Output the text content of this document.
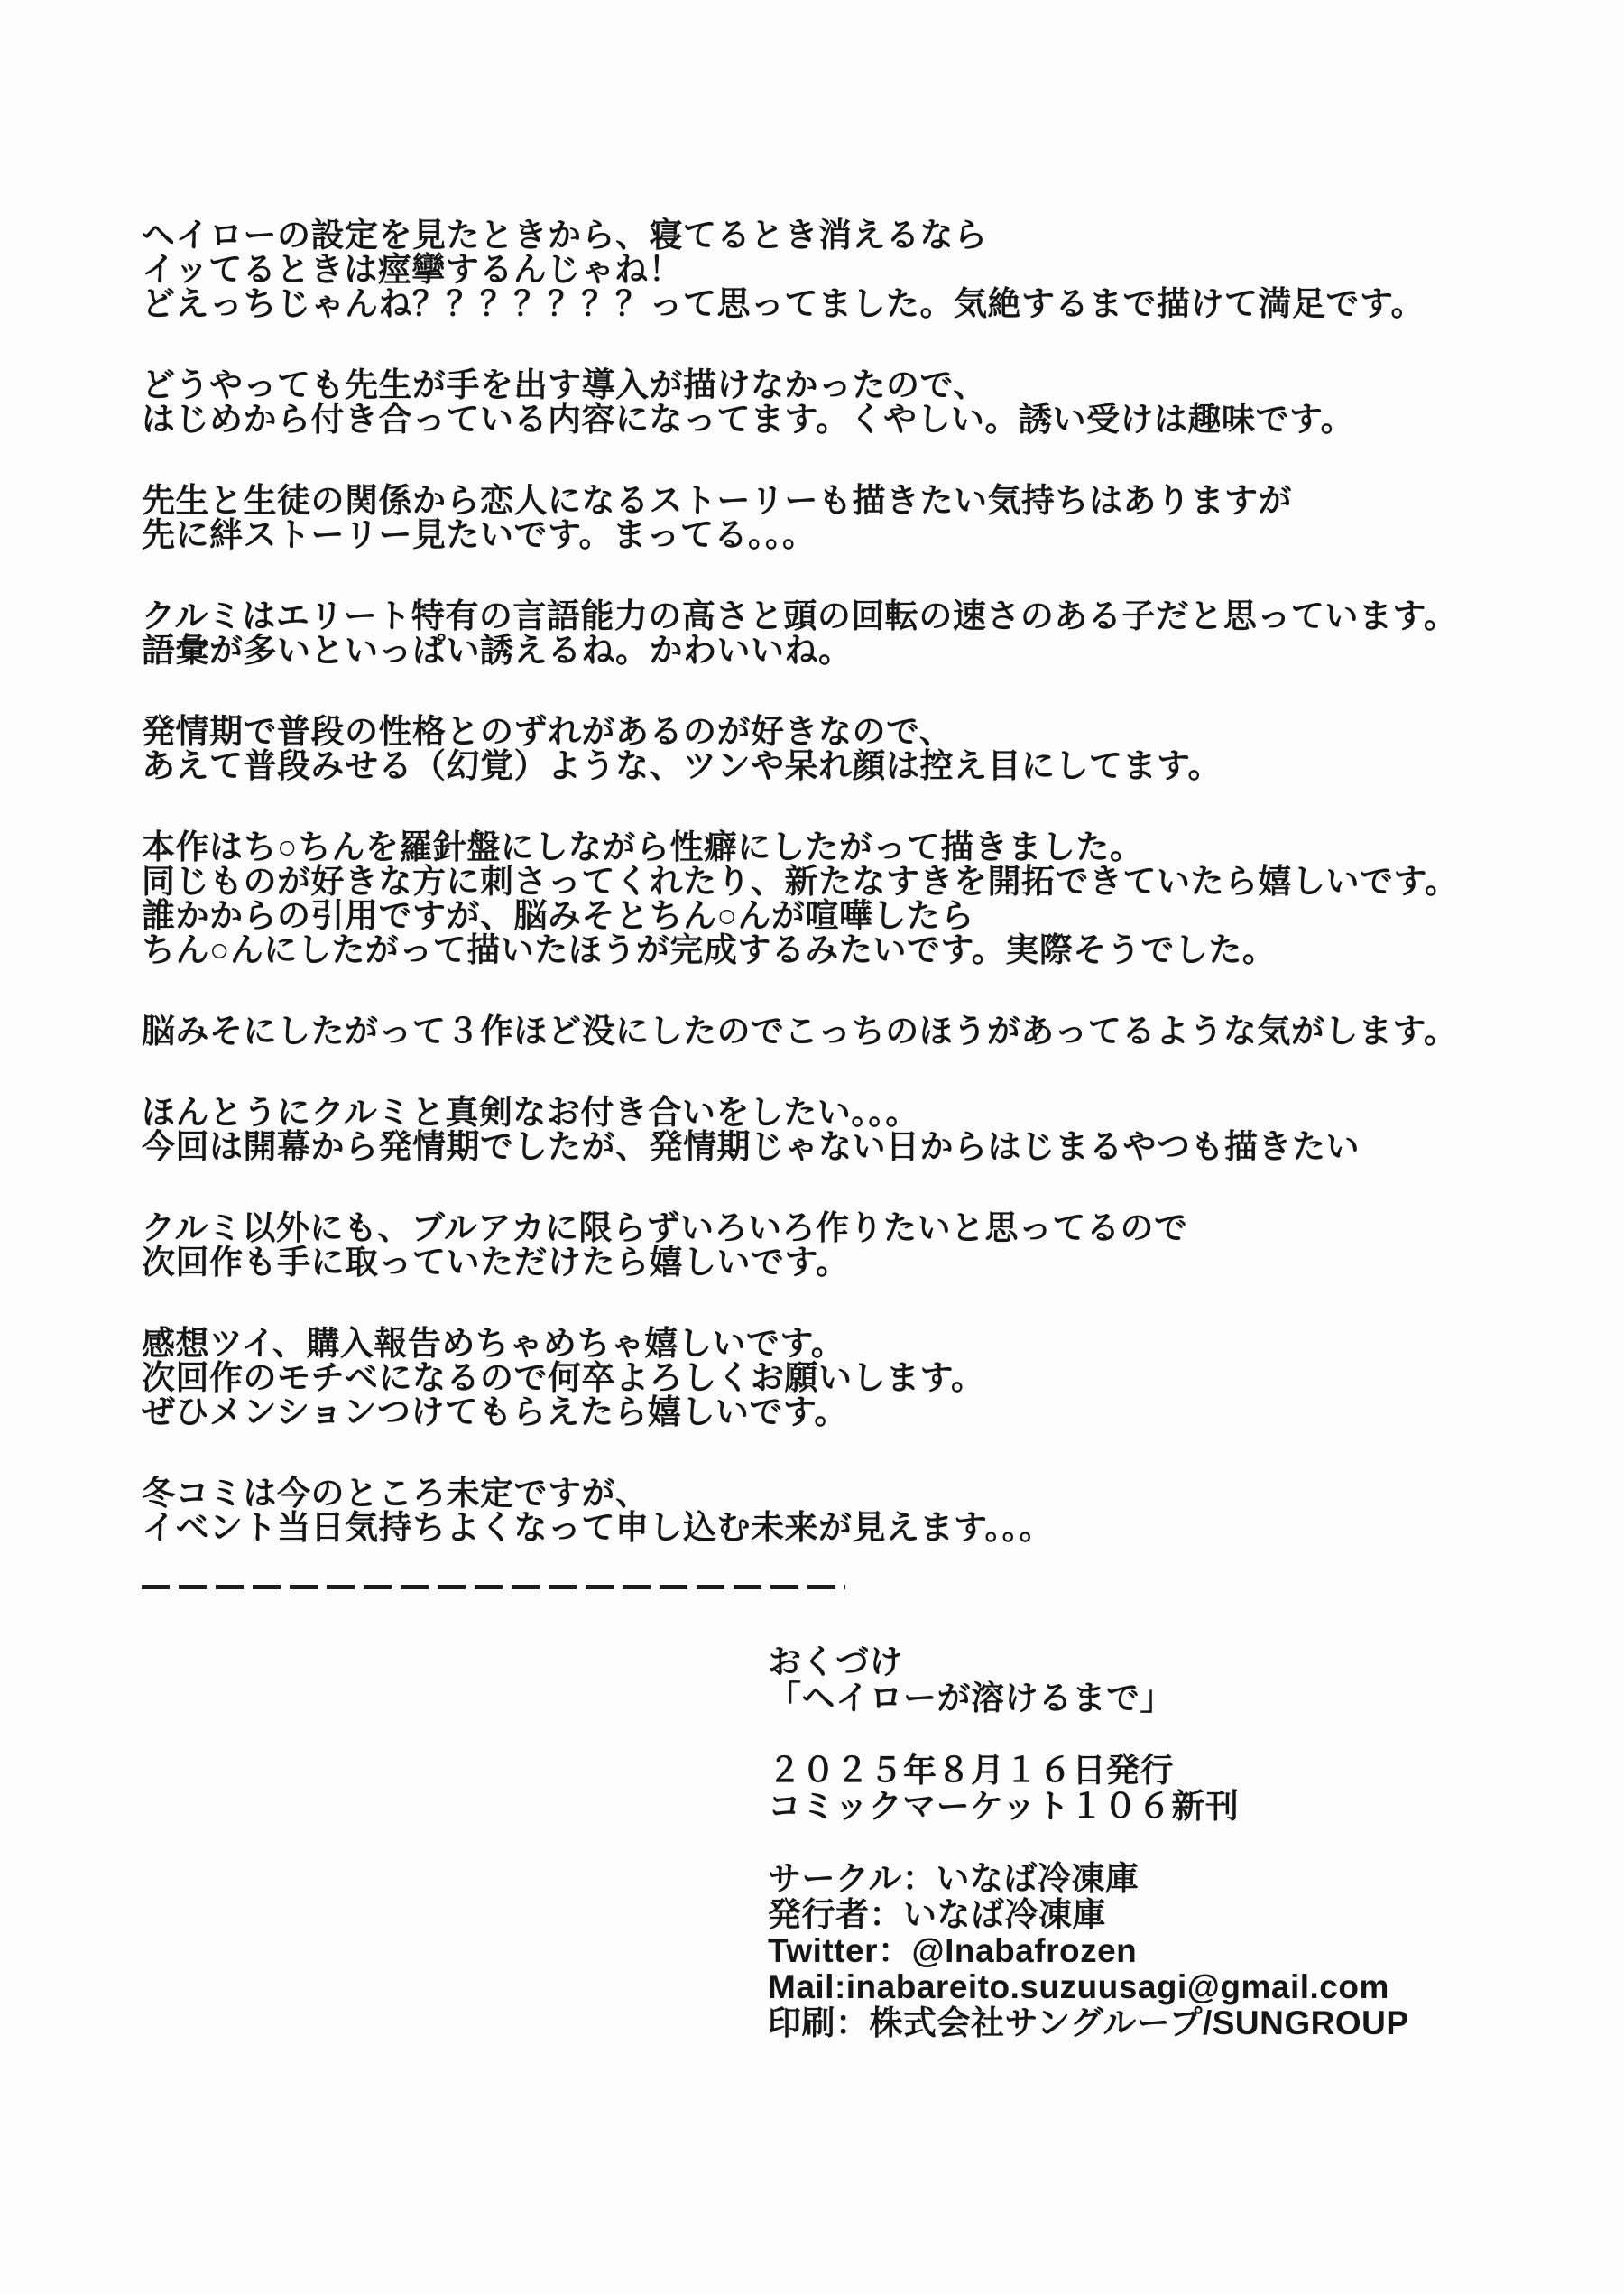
ヘイローの設定を見たときから、寝てるとき消えるなら
イッてるときは痙攣するんじゃね！
どえっちじゃんね？？？？？？？って思ってました。気絶するまで描けて満足です。
どうやっても先生が手を出す導入が描けなかったので、
はじめから付き合っている内容になってます。くやしい。誘い受けは趣味です。
先生と生徒の関係から恋人になるストーリーも描きたい気持ちはありますが
先に絆ストーリー見たいです。まってる。。。
クルミはエリート特有の言語能力の高さと頭の回転の速さのある子だと思っています。
語彙が多いといっぱい誘えるね。かわいいね。
発情期で普段の性格とのずれがあるのが好きなので、
あえて普段みせる（幻覚）ような、ツンや呆れ顔は控え目にしてます。
本作はち○ちんを羅針盤にしながら性癖にしたがって描きました。
同じものが好きな方に刺さってくれたり、新たなすきを開拓できていたら嬉しいです。
誰かからの引用ですが、脳みそとちん○んが喧嘩したら
ちん○んにしたがって描いたほうが完成するみたいです。実際そうでした。
脳みそにしたがって３作ほど没にしたのでこっちのほうがあってるような気がします。
ほんとうにクルミと真剣なお付き合いをしたい。。。
今回は開幕から発情期でしたが、発情期じゃない日からはじまるやつも描きたい
クルミ以外にも、ブルアカに限らずいろいろ作りたいと思ってるので
次回作も手に取っていただけたら嬉しいです。
感想ツイ、購入報告めちゃめちゃ嬉しいです。
次回作のモチベになるので何卒よろしくお願いします。
ぜひメンションつけてもらえたら嬉しいです。
冬コミは今のところ未定ですが、
イベント当日気持ちよくなって申し込む未来が見えます。。。
おくづけ
「ヘイローが溶けるまで」
２０２５年８月１６日発行
コミックマーケット１０６新刊
サークル：いなば冷凍庫
発行者：いなば冷凍庫
Twitter：@Inabafrozen
Mail:inabareito.suzuusagi@gmail.com
印刷：株式会社サングループ/SUNGROUP
